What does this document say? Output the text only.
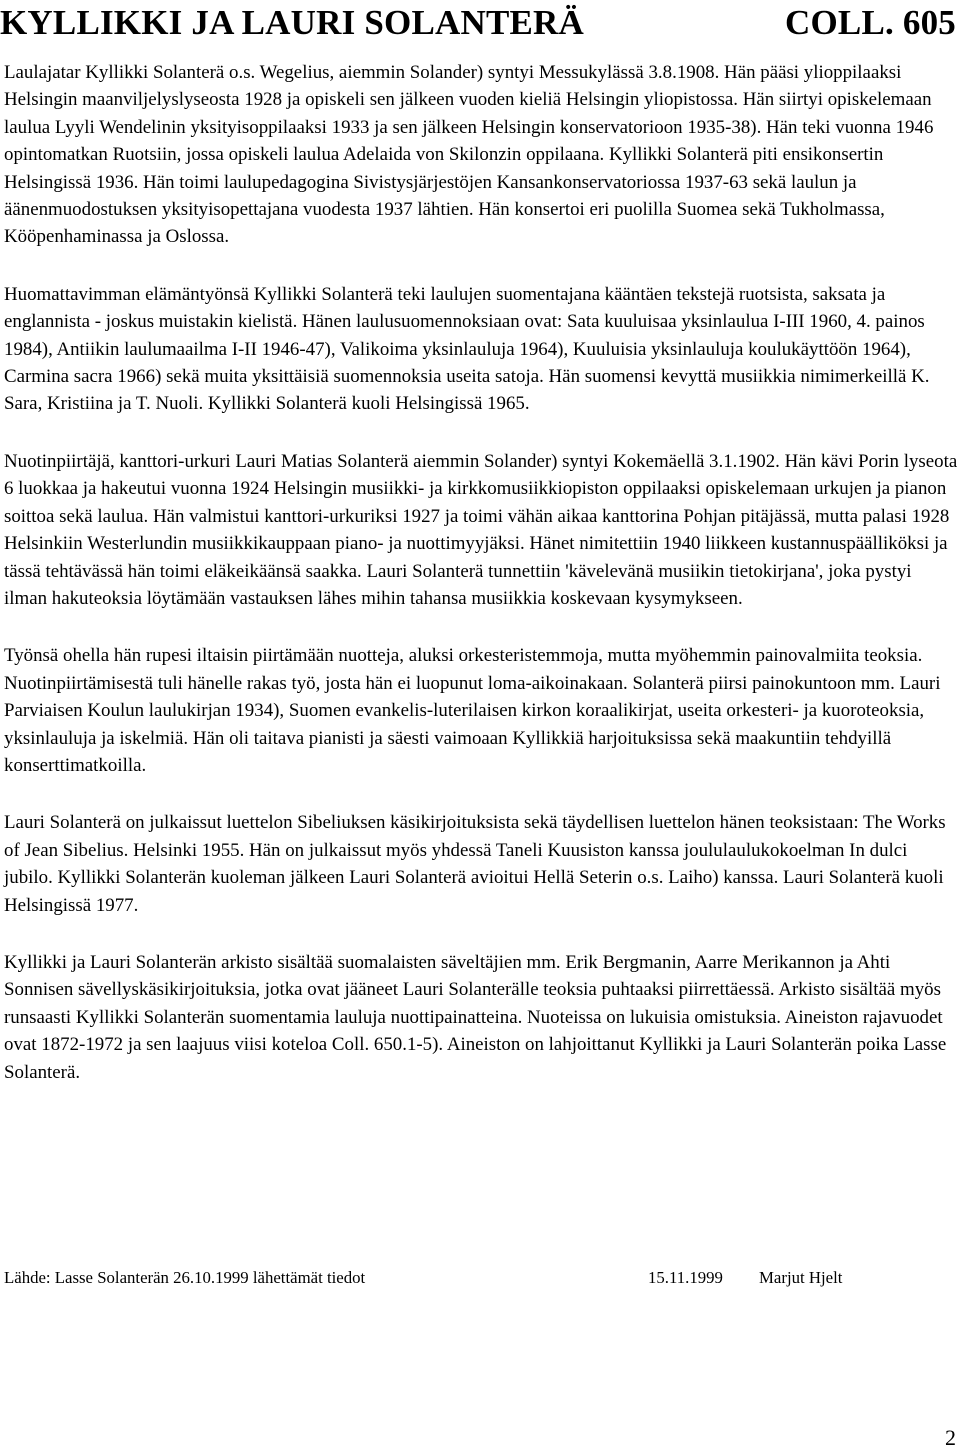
KYLLIKKI JA LAURI SOLANTERÄ	COLL. 605

Laulajatar Kyllikki Solanterä o.s. Wegelius, aiemmin Solander) syntyi Messukylässä 3.8.1908. Hän pääsi ylioppilaaksi Helsingin maanviljelyslyseosta 1928 ja opiskeli sen jälkeen vuoden kieliä Helsingin yliopistossa. Hän siirtyi opiskelemaan laulua Lyyli Wendelinin yksityisoppilaaksi 1933 ja sen jälkeen Helsingin konservatorioon 1935-38). Hän teki vuonna 1946 opintomatkan Ruotsiin, jossa opiskeli laulua Adelaida von Skilonzin oppilaana. Kyllikki Solanterä piti ensikonsertin Helsingissä 1936. Hän toimi laulupedagogina Sivistysjärjestöjen Kansankonservatoriossa 1937-63 sekä laulun ja äänenmuodostuksen yksityisopettajana vuodesta 1937 lähtien. Hän konsertoi eri puolilla Suomea sekä Tukholmassa, Kööpenhaminassa ja Oslossa.

Huomattavimman elämäntyönsä Kyllikki Solanterä teki laulujen suomentajana kääntäen tekstejä ruotsista, saksata ja englannista - joskus muistakin kielistä. Hänen laulusuomennoksiaan ovat: Sata kuuluisaa yksinlaulua I-III 1960, 4. painos 1984), Antiikin laulumaailma I-II 1946-47), Valikoima yksinlauluja 1964), Kuuluisia yksinlauluja koulukäyttöön 1964), Carmina sacra 1966) sekä muita yksittäisiä suomennoksia useita satoja. Hän suomensi kevyttä musiikkia nimimerkeillä K. Sara, Kristiina ja T. Nuoli. Kyllikki Solanterä kuoli Helsingissä 1965.

Nuotinpiirtäjä, kanttori-urkuri Lauri Matias Solanterä aiemmin Solander) syntyi Kokemäellä 3.1.1902. Hän kävi Porin lyseota 6 luokkaa ja hakeutui vuonna 1924 Helsingin musiikki- ja kirkkomusiikkiopiston oppilaaksi opiskelemaan urkujen ja pianon soittoa sekä laulua. Hän valmistui kanttori-urkuriksi 1927 ja toimi vähän aikaa kanttorina Pohjan pitäjässä, mutta palasi 1928 Helsinkiin Westerlundin musiikkikauppaan piano- ja nuottimyyjäksi. Hänet nimitettiin 1940 liikkeen kustannuspäälliköksi ja tässä tehtävässä hän toimi eläkeikäänsä saakka. Lauri Solanterä tunnettiin 'kävelevänä musiikin tietokirjana', joka pystyi ilman hakuteoksia löytämään vastauksen lähes mihin tahansa musiikkia koskevaan kysymykseen.

Työnsä ohella hän rupesi iltaisin piirtämään nuotteja, aluksi orkesteristemmoja, mutta myöhemmin painovalmiita teoksia. Nuotinpiirtämisestä tuli hänelle rakas työ, josta hän ei luopunut loma-aikoinakaan. Solanterä piirsi painokuntoon mm. Lauri Parviaisen Koulun laulukirjan 1934), Suomen evankelis-luterilaisen kirkon koraalikirjat, useita orkesteri- ja kuoroteoksia, yksinlauluja ja iskelmiä. Hän oli taitava pianisti ja säesti vaimoaan Kyllikkiä harjoituksissa sekä maakuntiin tehdyillä konserttimatkoilla.

Lauri Solanterä on julkaissut luettelon Sibeliuksen käsikirjoituksista sekä täydellisen luettelon hänen teoksistaan: The Works of Jean Sibelius. Helsinki 1955. Hän on julkaissut myös yhdessä Taneli Kuusiston kanssa joululaulukokoelman In dulci jubilo. Kyllikki Solanterän kuoleman jälkeen Lauri Solanterä avioitui Hellä Seterin o.s. Laiho) kanssa. Lauri Solanterä kuoli Helsingissä 1977.

Kyllikki ja Lauri Solanterän arkisto sisältää suomalaisten säveltäjien mm. Erik Bergmanin, Aarre Merikannon ja Ahti Sonnisen sävellyskäsikirjoituksia, jotka ovat jääneet Lauri Solanterälle teoksia puhtaaksi piirrettäessä. Arkisto sisältää myös runsaasti Kyllikki Solanterän suomentamia lauluja nuottipainatteina. Nuoteissa on lukuisia omistuksia. Aineiston rajavuodet ovat 1872-1972 ja sen laajuus viisi koteloa Coll. 650.1-5). Aineiston on lahjoittanut Kyllikki ja Lauri Solanterän poika Lasse Solanterä.

Lähde: Lasse Solanterän 26.10.1999 lähettämät tiedot	15.11.1999 Marjut Hjelt
2
